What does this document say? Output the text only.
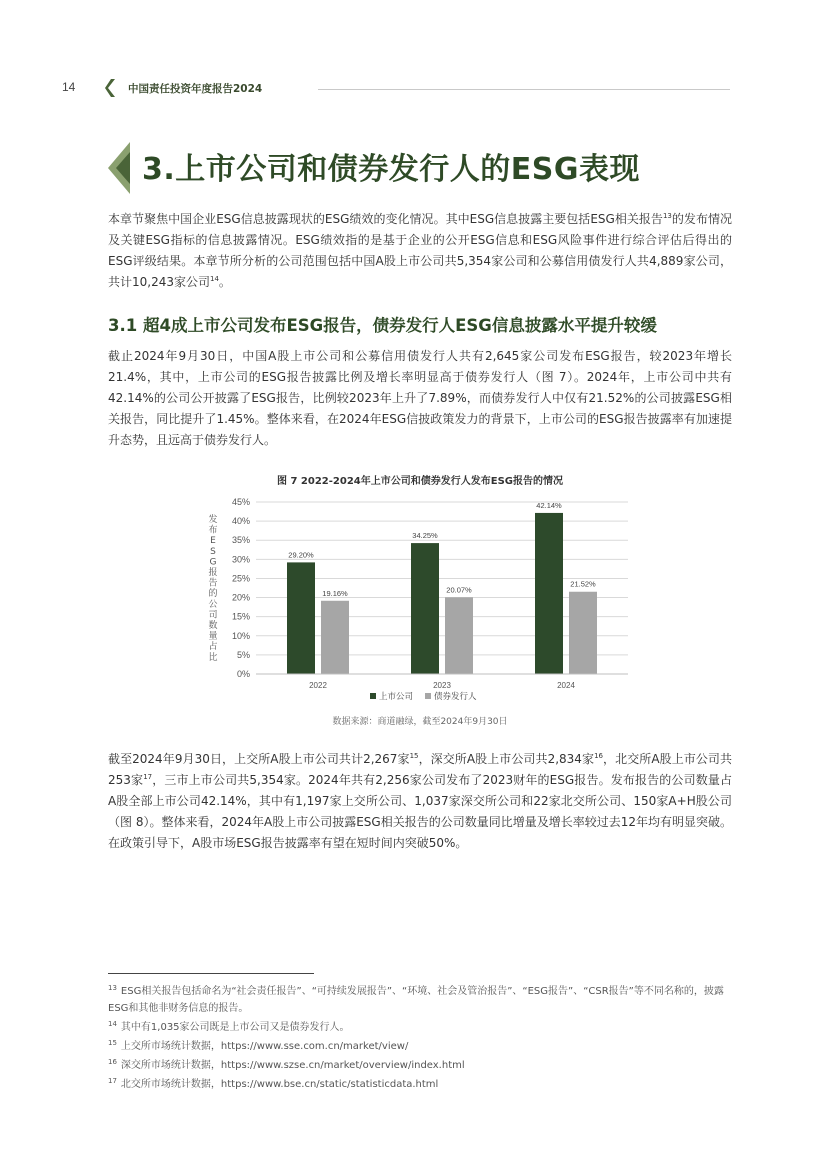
14	中国责任投资年度报告2024
3.上市公司和债券发行人的ESG表现

本章节聚焦中国企业ESG信息披露现状的ESG绩效的变化情况。其中ESG信息披露主要包括ESG相关报告$^{13}$的发布情况及关键ESG指标的信息披露情况。ESG绩效指的是基于企业的公开ESG信息和ESG风险事件进行综合评估后得出的ESG评级结果。本章节所分析的公司范围包括中国A股上市公司共5,354家公司和公募信用债发行人共4,889家公司，共计10,243家公司$^{14}$。

3.1 超4成上市公司发布ESG报告，债券发行人ESG信息披露水平提升较缓

截止2024年9月30日，中国A股上市公司和公募信用债发行人共有2,645家公司发布ESG报告，较2023年增长21.4%，其中，上市公司的ESG报告披露比例及增长率明显高于债券发行人（图 7）。2024年，上市公司中共有42.14%的公司公开披露了ESG报告，比例较2023年上升了7.89%，而债券发行人中仅有21.52%的公司披露ESG相关报告，同比提升了1.45%。整体来看，在2024年ESG信披政策发力的背景下，上市公司的ESG报告披露率有加速提升态势，且远高于债券发行人。

图 7 2022-2024年上市公司和债券发行人发布ESG报告的情况
0%
5%
10%
15%
20%
25%
30%
35%
40%
45%
发布 E S G 报告的公司数量占比
29.20%
19.16%
2022
34.25%
20.07%
2023
42.14%
21.52%
2024
上市公司 债券发行人
数据来源：商道融绿，截至2024年9月30日

截至2024年9月30日，上交所A股上市公司共计2,267家$^{15}$，深交所A股上市公司共2,834家$^{16}$，北交所A股上市公司共253家$^{17}$，三市上市公司共5,354家。2024年共有2,256家公司发布了2023财年的ESG报告。发布报告的公司数量占A股全部上市公司42.14%，其中有1,197家上交所公司、1,037家深交所公司和22家北交所公司、150家A+H股公司（图 8）。整体来看，2024年A股上市公司披露ESG相关报告的公司数量同比增量及增长率较过去12年均有明显突破。在政策引导下，A股市场ESG报告披露率有望在短时间内突破50%。

$^{13}$ ESG相关报告包括命名为“社会责任报告”、“可持续发展报告”、“环境、社会及管治报告”、“ESG报告”、“CSR报告”等不同名称的，披露ESG和其他非财务信息的报告。

$^{14}$ 其中有1,035家公司既是上市公司又是债券发行人。

$^{15}$ 上交所市场统计数据，https://www.sse.com.cn/market/view/

$^{16}$ 深交所市场统计数据，https://www.szse.cn/market/overview/index.html

$^{17}$ 北交所市场统计数据，https://www.bse.cn/static/statisticdata.html
